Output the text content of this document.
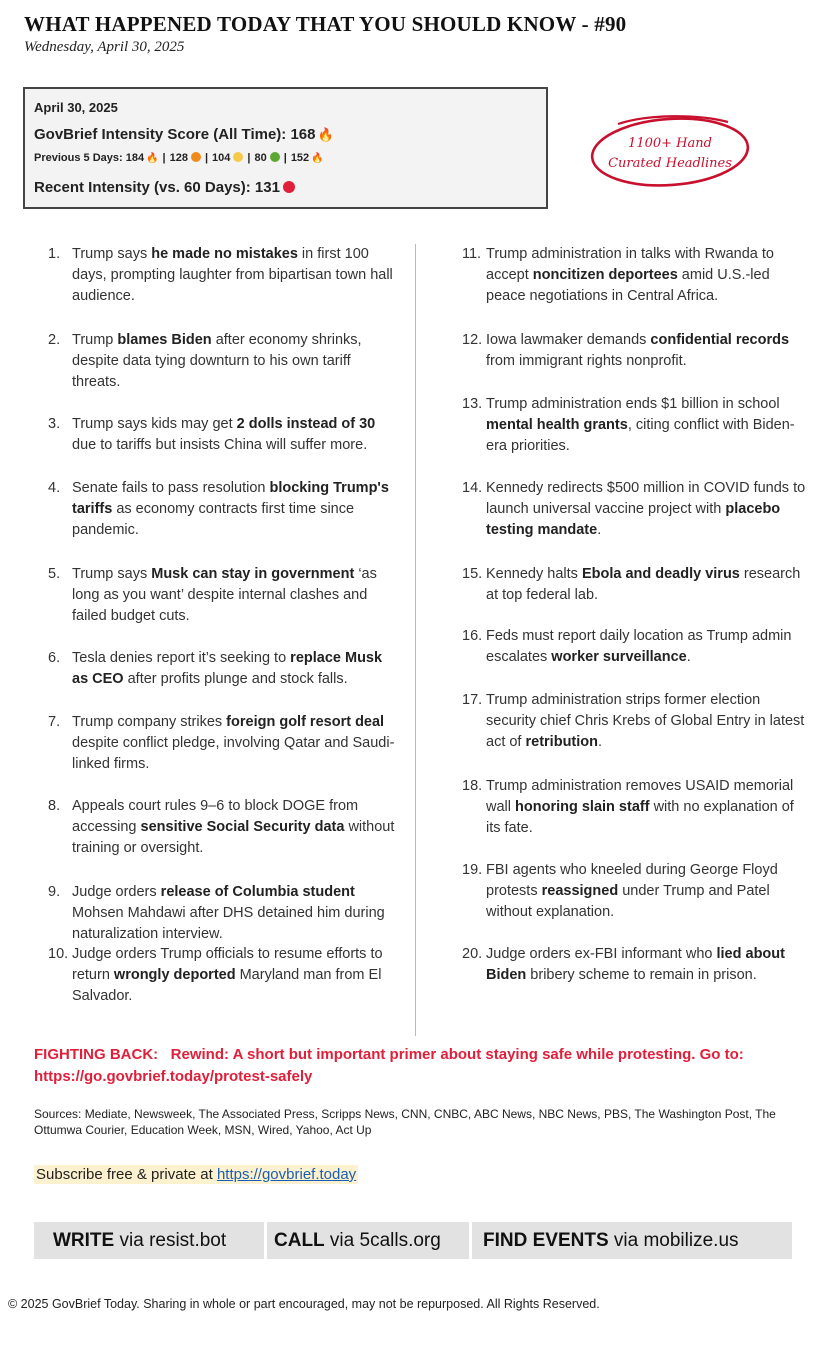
WHAT HAPPENED TODAY THAT YOU SHOULD KNOW - #90
Wednesday, April 30, 2025
April 30, 2025
GovBrief Intensity Score (All Time): 168 🔥
Previous 5 Days: 184 🔥 | 128 | 104 | 80 | 152 🔥
Recent Intensity (vs. 60 Days): 131
1100+ Hand
Curated Headlines
1. Trump says he made no mistakes in first 100 days, prompting laughter from bipartisan town hall audience.
2. Trump blames Biden after economy shrinks, despite data tying downturn to his own tariff threats.
3. Trump says kids may get 2 dolls instead of 30 due to tariffs but insists China will suffer more.
4. Senate fails to pass resolution blocking Trump's tariffs as economy contracts first time since pandemic.
5. Trump says Musk can stay in government ‘as long as you want’ despite internal clashes and failed budget cuts.
6. Tesla denies report it’s seeking to replace Musk as CEO after profits plunge and stock falls.
7. Trump company strikes foreign golf resort deal despite conflict pledge, involving Qatar and Saudi-linked firms.
8. Appeals court rules 9–6 to block DOGE from accessing sensitive Social Security data without training or oversight.
9. Judge orders release of Columbia student Mohsen Mahdawi after DHS detained him during naturalization interview.
10. Judge orders Trump officials to resume efforts to return wrongly deported Maryland man from El Salvador.
11. Trump administration in talks with Rwanda to accept noncitizen deportees amid U.S.-led peace negotiations in Central Africa.
12. Iowa lawmaker demands confidential records from immigrant rights nonprofit.
13. Trump administration ends $1 billion in school mental health grants, citing conflict with Biden-era priorities.
14. Kennedy redirects $500 million in COVID funds to launch universal vaccine project with placebo testing mandate.
15. Kennedy halts Ebola and deadly virus research at top federal lab.
16. Feds must report daily location as Trump admin escalates worker surveillance.
17. Trump administration strips former election security chief Chris Krebs of Global Entry in latest act of retribution.
18. Trump administration removes USAID memorial wall honoring slain staff with no explanation of its fate.
19. FBI agents who kneeled during George Floyd protests reassigned under Trump and Patel without explanation.
20. Judge orders ex-FBI informant who lied about Biden bribery scheme to remain in prison.
FIGHTING BACK: Rewind: A short but important primer about staying safe while protesting. Go to:
https://go.govbrief.today/protest-safely
Sources: Mediate, Newsweek, The Associated Press, Scripps News, CNN, CNBC, ABC News, NBC News, PBS, The Washington Post, The Ottumwa Courier, Education Week, MSN, Wired, Yahoo, Act Up
Subscribe free & private at https://govbrief.today
WRITE via resist.bot	CALL via 5calls.org FIND EVENTS via mobilize.us
© 2025 GovBrief Today. Sharing in whole or part encouraged, may not be repurposed. All Rights Reserved.
